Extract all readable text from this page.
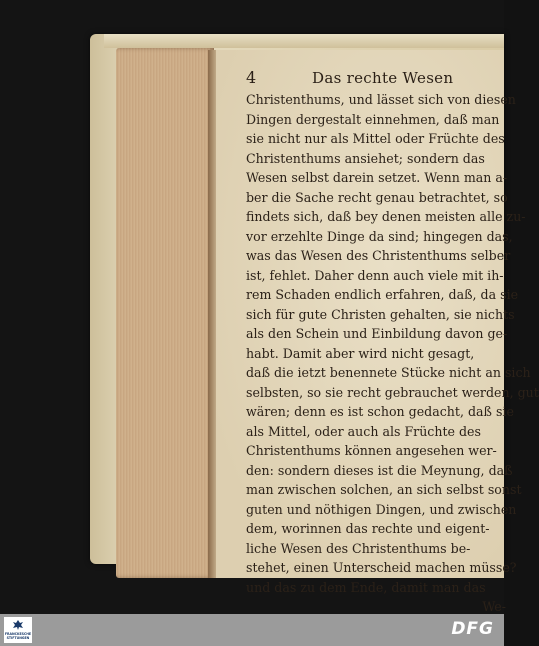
4	Das rechte Wesen
Christenthums, und lässet sich von diesen
Dingen dergestalt einnehmen, daß man
sie nicht nur als Mittel oder Früchte des
Christenthums ansiehet; sondern das
Wesen selbst darein setzet. Wenn man a-
ber die Sache recht genau betrachtet, so
findets sich, daß bey denen meisten alle zu-
vor erzehlte Dinge da sind; hingegen das,
was das Wesen des Christenthums selber
ist, fehlet. Daher denn auch viele mit ih-
rem Schaden endlich erfahren, daß, da sie
sich für gute Christen gehalten, sie nichts
als den Schein und Einbildung davon ge-
habt. Damit aber wird nicht gesagt,
daß die ietzt benennete Stücke nicht an sich
selbsten, so sie recht gebrauchet werden, gut
wären; denn es ist schon gedacht, daß sie
als Mittel, oder auch als Früchte des
Christenthums können angesehen wer-
den: sondern dieses ist die Meynung, daß
man zwischen solchen, an sich selbst sonst
guten und nöthigen Dingen, und zwischen
dem, worinnen das rechte und eigent-
liche Wesen des Christenthums be-
stehet, einen Unterscheid machen müsse?
und das zu dem Ende, damit man das
We-
FRANCKESCHE
STIFTUNGEN	DFG
